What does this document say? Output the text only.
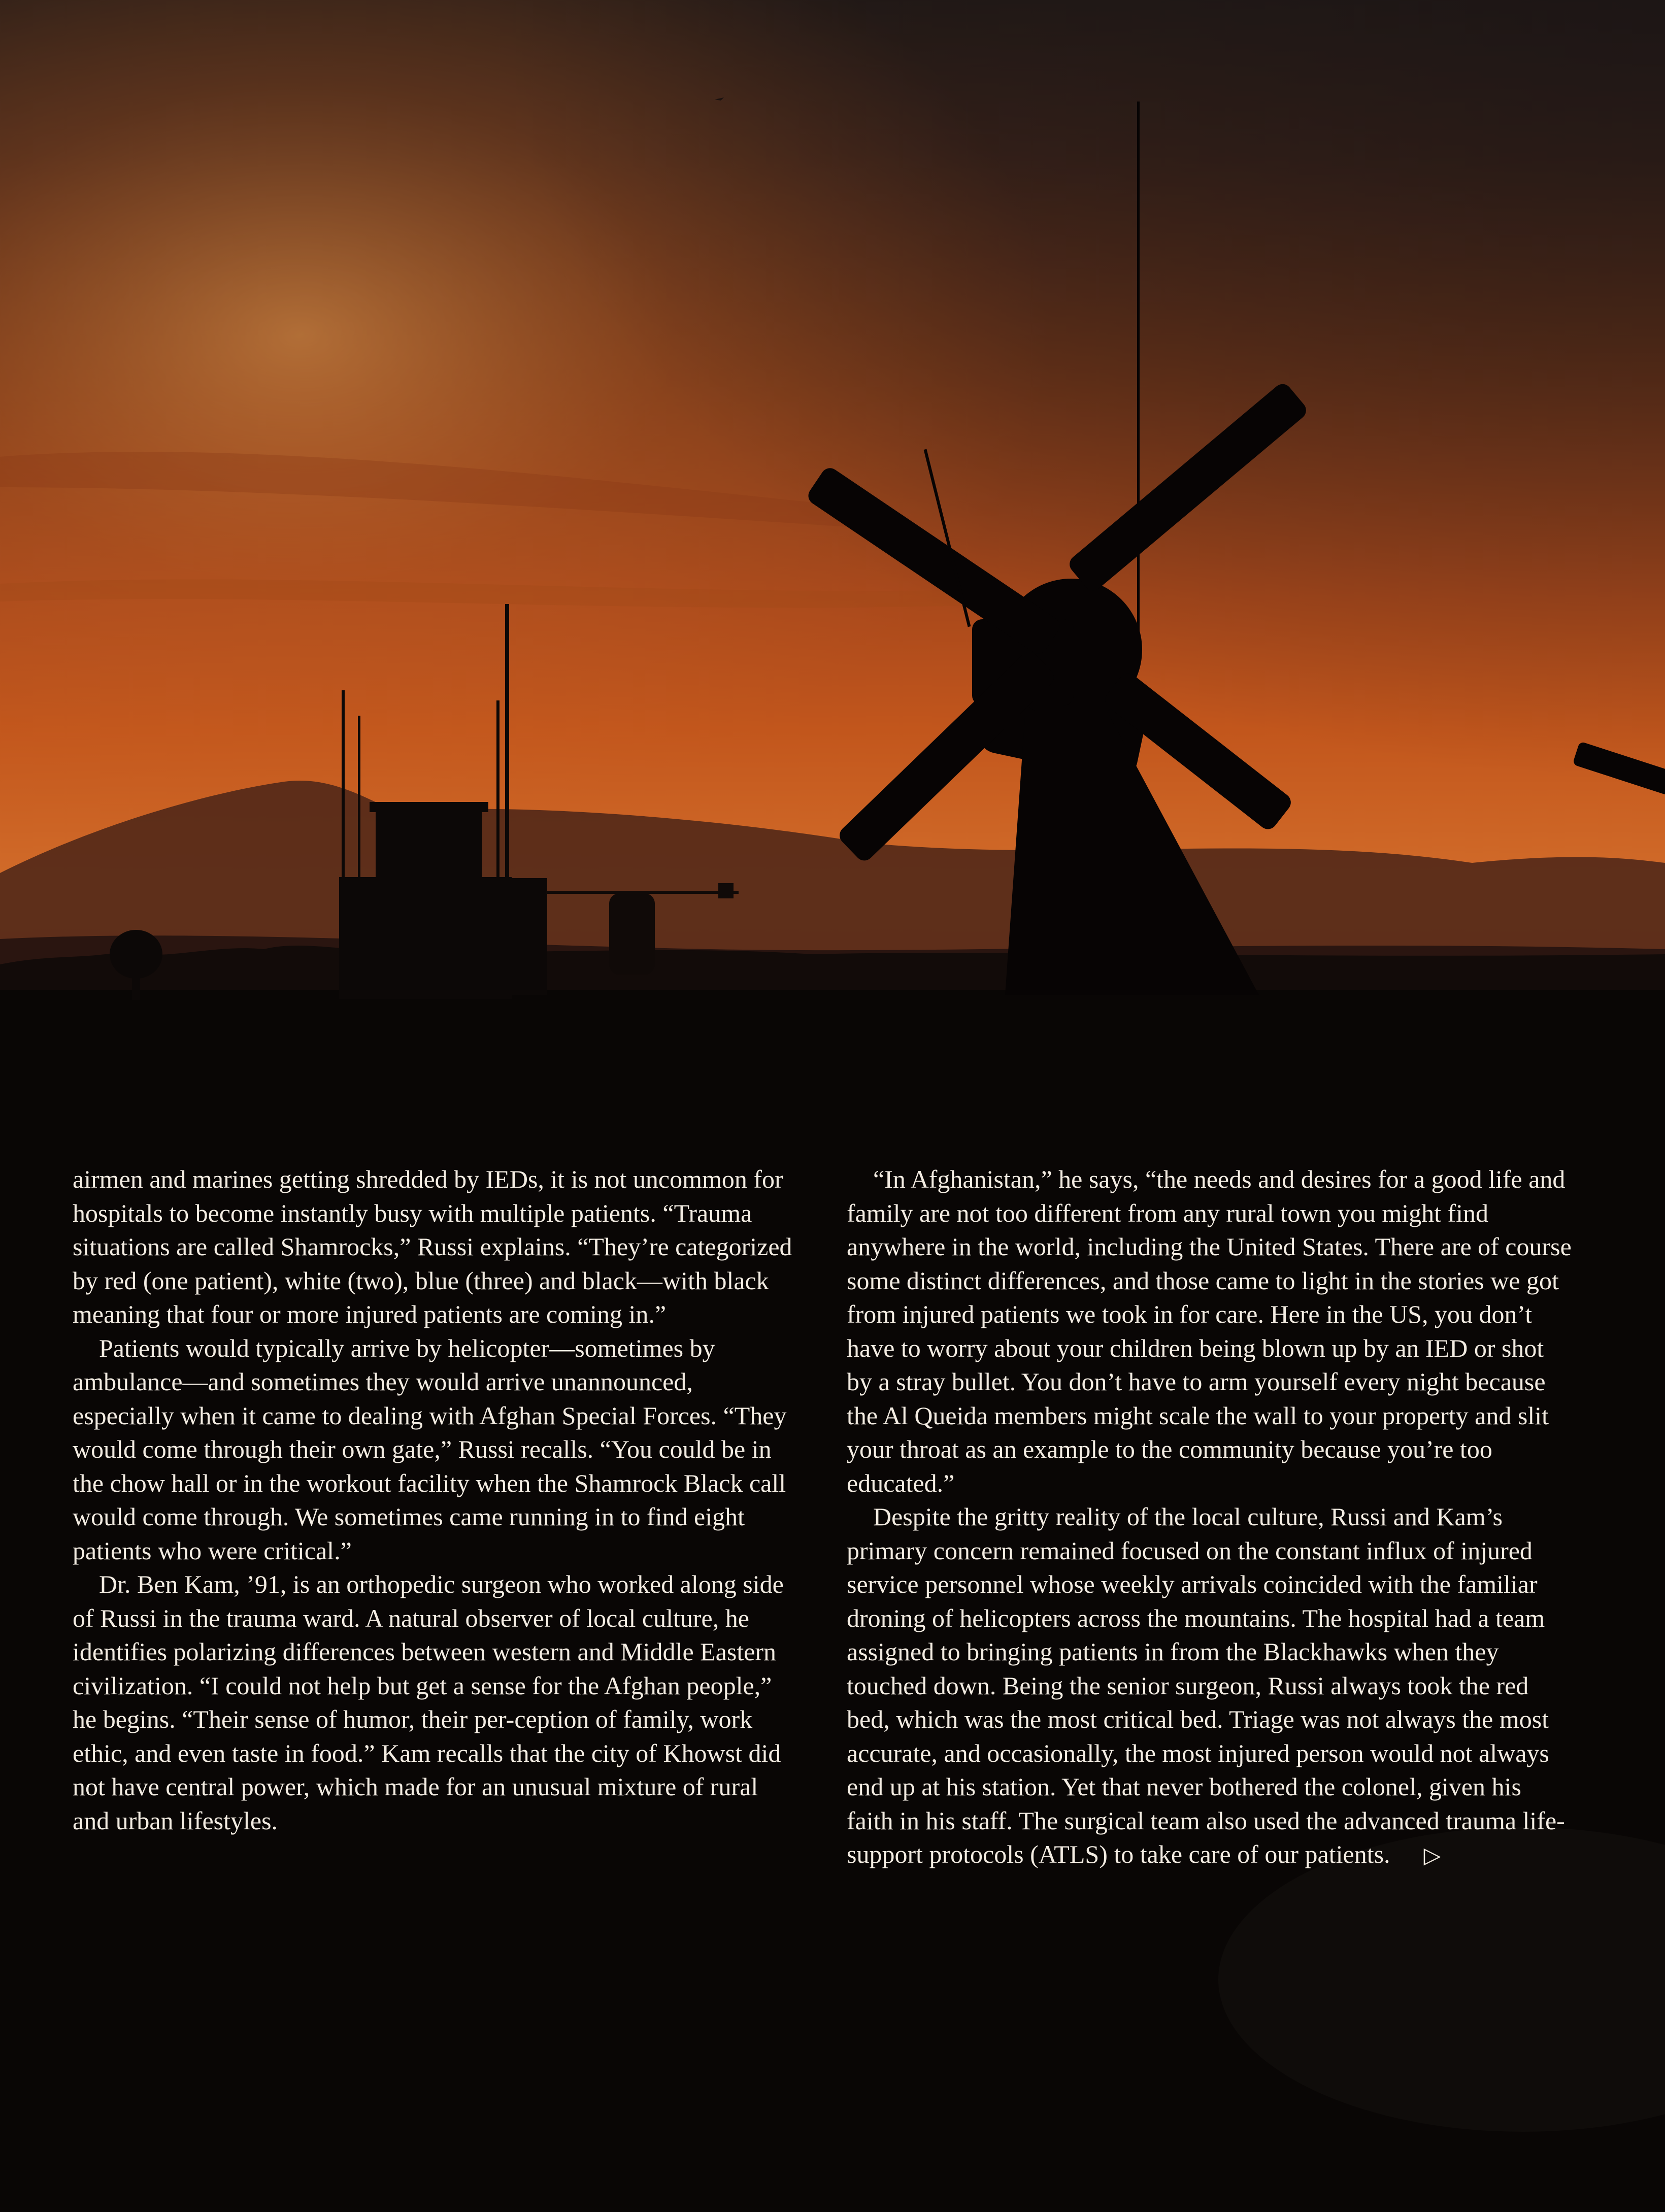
airmen and marines getting shredded by IEDs, it is not uncommon for hospitals to become instantly busy with multiple patients. “Trauma situations are called Shamrocks,” Russi explains. “They’re categorized by red (one patient), white (two), blue (three) and black—with black meaning that four or more injured patients are coming in.”

Patients would typically arrive by helicopter—sometimes by ambulance—and sometimes they would arrive unannounced, especially when it came to dealing with Afghan Special Forces. “They would come through their own gate,” Russi recalls. “You could be in the chow hall or in the workout facility when the Shamrock Black call would come through. We sometimes came running in to find eight patients who were critical.”

Dr. Ben Kam, ’91, is an orthopedic surgeon who worked along side of Russi in the trauma ward. A natural observer of local culture, he identifies polarizing differences between western and Middle Eastern civilization. “I could not help but get a sense for the Afghan people,” he begins. “Their sense of humor, their per-ception of family, work ethic, and even taste in food.” Kam recalls that the city of Khowst did not have central power, which made for an unusual mixture of rural and urban lifestyles.

“In Afghanistan,” he says, “the needs and desires for a good life and family are not too different from any rural town you might find anywhere in the world, including the United States. There are of course some distinct differences, and those came to light in the stories we got from injured patients we took in for care. Here in the US, you don’t have to worry about your children being blown up by an IED or shot by a stray bullet. You don’t have to arm yourself every night because the Al Queida members might scale the wall to your property and slit your throat as an example to the community because you’re too educated.”

Despite the gritty reality of the local culture, Russi and Kam’s primary concern remained focused on the constant influx of injured service personnel whose weekly arrivals coincided with the familiar droning of helicopters across the mountains. The hospital had a team assigned to bringing patients in from the Blackhawks when they touched down. Being the senior surgeon, Russi always took the red bed, which was the most critical bed. Triage was not always the most accurate, and occasionally, the most injured person would not always end up at his station. Yet that never bothered the colonel, given his faith in his staff. The surgical team also used the advanced trauma life-support protocols (ATLS) to take care of our patients. ▷
